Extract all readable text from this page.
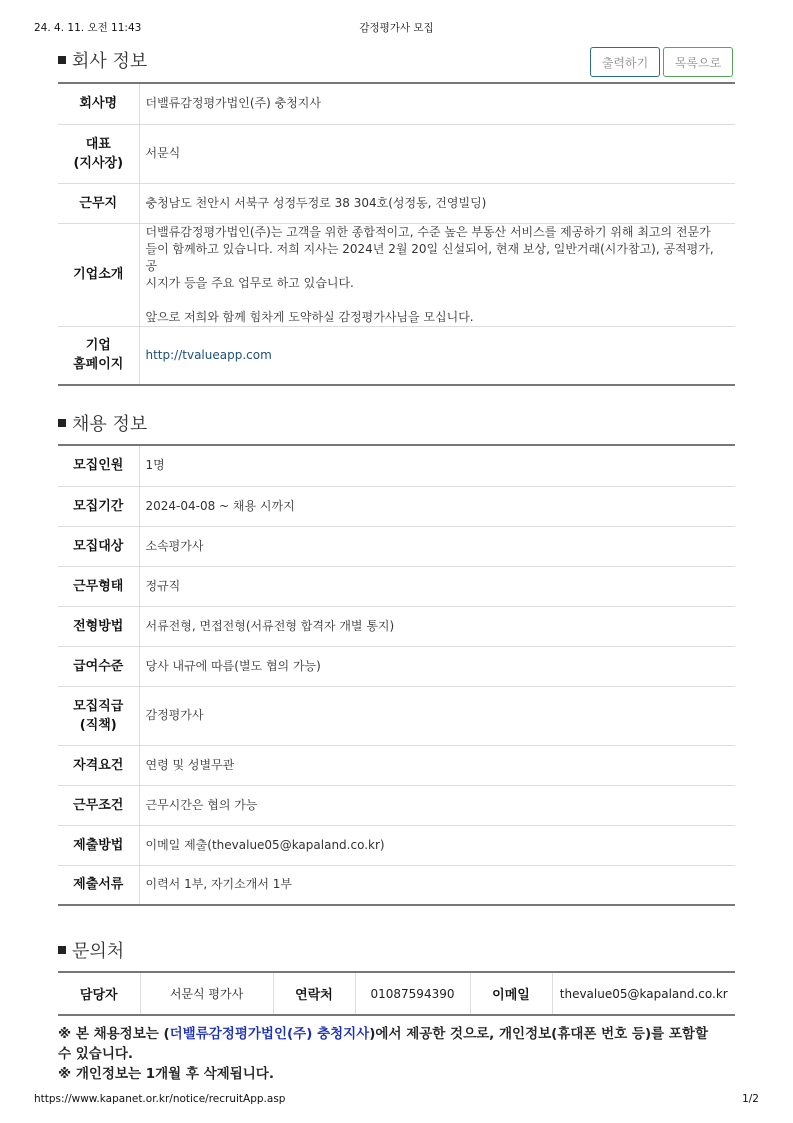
24. 4. 11. 오전 11:43	감정평가사 모집
회사 정보	출력하기	목록으로
회사명	더밸류감정평가법인(주) 충청지사
대표
(지사장)	서문식
근무지	충청남도 천안시 서북구 성정두정로 38 304호(성정동, 건영빌딩)
기업소개	더밸류감정평가법인(주)는 고객을 위한 종합적이고, 수준 높은 부동산 서비스를 제공하기 위해 최고의 전문가
들이 함께하고 있습니다. 저희 지사는 2024년 2월 20일 신설되어, 현재 보상, 일반거래(시가참고), 공적평가, 공
시지가 등을 주요 업무로 하고 있습니다.
앞으로 저희와 함께 힘차게 도약하실 감정평가사님을 모십니다.

기업
홈페이지	http://tvalueapp.com
채용 정보
모집인원	1명
모집기간	2024-04-08 ~ 채용 시까지
모집대상	소속평가사
근무형태	정규직
전형방법	서류전형, 면접전형(서류전형 합격자 개별 통지)
급여수준	당사 내규에 따름(별도 협의 가능)
모집직급
(직책)	감정평가사
자격요건	연령 및 성별무관
근무조건	근무시간은 협의 가능
제출방법	이메일 제출(thevalue05@kapaland.co.kr)
제출서류	이력서 1부, 자기소개서 1부
문의처
담당자	서문식 평가사	연락처	01087594390	이메일	thevalue05@kapaland.co.kr
※ 본 채용정보는 (더밸류감정평가법인(주) 충청지사)에서 제공한 것으로, 개인정보(휴대폰 번호 등)를 포함할
수 있습니다.
※ 개인정보는 1개월 후 삭제됩니다.
https://www.kapanet.or.kr/notice/recruitApp.asp	1/2
